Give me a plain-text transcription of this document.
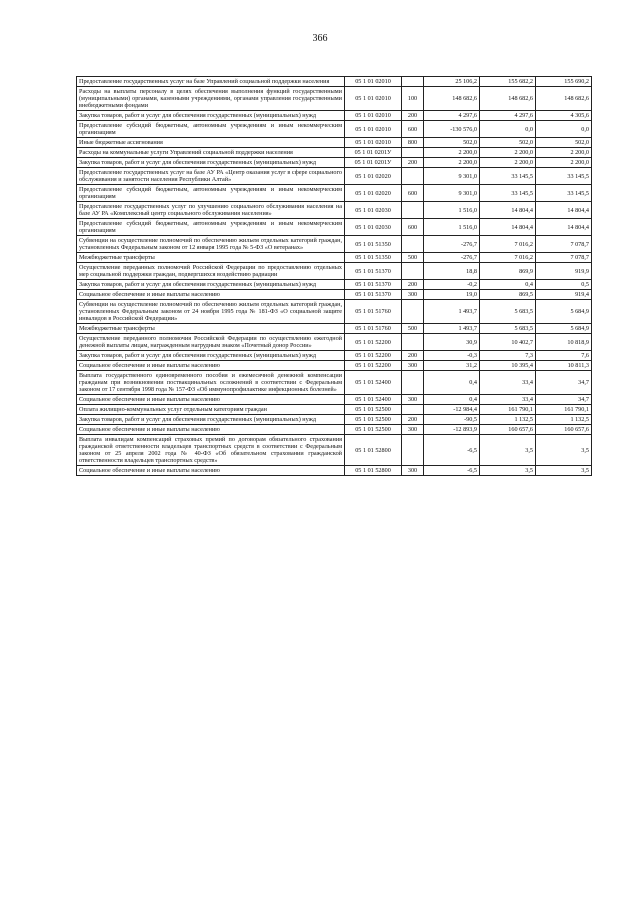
366
Предоставление государственных услуг на базе Управлений социальной поддержки населения	05 1 01 02010		25 106,2	155 682,2	155 690,2
Расходы на выплаты персоналу в целях обеспечения выполнения функций государственными (муниципальными) органами, казенными учреждениями, органами управления государственными внебюджетными фондами	05 1 01 02010	100	148 682,6	148 682,6	148 682,6
Закупка товаров, работ и услуг для обеспечения государственных (муниципальных) нужд	05 1 01 02010	200	4 297,6	4 297,6	4 305,6
Предоставление субсидий бюджетным, автономным учреждениям и иным некоммерческим организациям	05 1 01 02010	600	-130 576,0	0,0	0,0
Иные бюджетные ассигнования	05 1 01 02010	800	502,0	502,0	502,0
Расходы на коммунальные услуги Управлений социальной поддержки населения	05 1 01 0201У		2 200,0	2 200,0	2 200,0
Закупка товаров, работ и услуг для обеспечения государственных (муниципальных) нужд	05 1 01 0201У	200	2 200,0	2 200,0	2 200,0
Предоставление государственных услуг на базе АУ РА «Центр оказания услуг в сфере социального обслуживания и занятости населения Республики Алтай»	05 1 01 02020		9 301,0	33 145,5	33 145,5
Предоставление субсидий бюджетным, автономным учреждениям и иным некоммерческим организациям	05 1 01 02020	600	9 301,0	33 145,5	33 145,5
Предоставление государственных услуг по улучшению социального обслуживания населения на базе АУ РА «Комплексный центр социального обслуживания населения»	05 1 01 02030		1 516,0	14 804,4	14 804,4
Предоставление субсидий бюджетным, автономным учреждениям и иным некоммерческим организациям	05 1 01 02030	600	1 516,0	14 804,4	14 804,4
Субвенции на осуществление полномочий по обеспечению жильем отдельных категорий граждан, установленных Федеральным законом от 12 января 1995 года № 5-ФЗ «О ветеранах»	05 1 01 51350		-276,7	7 016,2	7 078,7
Межбюджетные трансферты	05 1 01 51350	500	-276,7	7 016,2	7 078,7
Осуществление переданных полномочий Российской Федерации по предоставлению отдельных мер социальной поддержки граждан, подвергшихся воздействию радиации	05 1 01 51370		18,8	869,9	919,9
Закупка товаров, работ и услуг для обеспечения государственных (муниципальных) нужд	05 1 01 51370	200	-0,2	0,4	0,5
Социальное обеспечение и иные выплаты населению	05 1 01 51370	300	19,0	869,5	919,4
Субвенции на осуществление полномочий по обеспечению жильем отдельных категорий граждан, установленных Федеральным законом от 24 ноября 1995 года № 181-ФЗ «О социальной защите инвалидов в Российской Федерации»	05 1 01 51760		1 493,7	5 683,5	5 684,9
Межбюджетные трансферты	05 1 01 51760	500	1 493,7	5 683,5	5 684,9
Осуществление переданного полномочия Российской Федерации по осуществлению ежегодной денежной выплаты лицам, награжденным нагрудным знаком «Почетный донор России»	05 1 01 52200		30,9	10 402,7	10 818,9
Закупка товаров, работ и услуг для обеспечения государственных (муниципальных) нужд	05 1 01 52200	200	-0,3	7,3	7,6
Социальное обеспечение и иные выплаты населению	05 1 01 52200	300	31,2	10 395,4	10 811,3
Выплата государственного единовременного пособия и ежемесячной денежной компенсации гражданам при возникновении поствакцинальных осложнений в соответствии с Федеральным законом от 17 сентября 1998 года № 157-ФЗ «Об иммунопрофилактике инфекционных болезней»	05 1 01 52400		0,4	33,4	34,7
Социальное обеспечение и иные выплаты населению	05 1 01 52400	300	0,4	33,4	34,7
Оплата жилищно-коммунальных услуг отдельным категориям граждан	05 1 01 52500		-12 984,4	161 790,1	161 790,1
Закупка товаров, работ и услуг для обеспечения государственных (муниципальных) нужд	05 1 01 52500	200	-90,5	1 132,5	1 132,5
Социальное обеспечение и иные выплаты населению	05 1 01 52500	300	-12 893,9	160 657,6	160 657,6
Выплата инвалидам компенсаций страховых премий по договорам обязательного страхования гражданской ответственности владельцев транспортных средств в соответствии с Федеральным законом от 25 апреля 2002 года № 40-ФЗ «Об обязательном страховании гражданской ответственности владельцев транспортных средств»	05 1 01 52800		-6,5	3,5	3,5
Социальное обеспечение и иные выплаты населению	05 1 01 52800	300	-6,5	3,5	3,5
